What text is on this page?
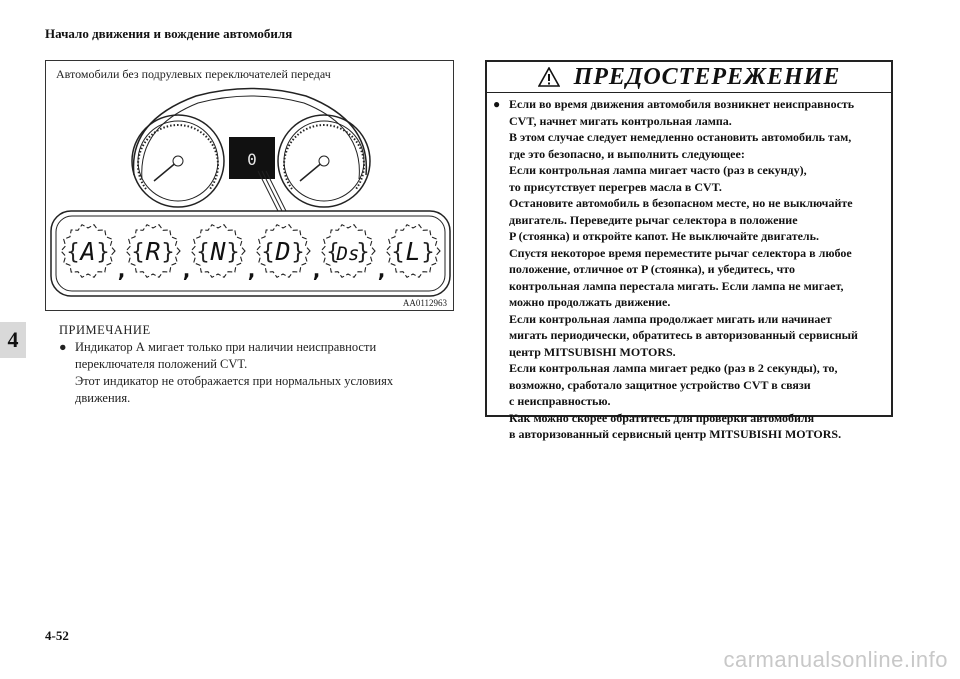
Начало движения и вождение автомобиля
4
Автомобили без подрулевых переключателей передач
0
{ }
A
,
{ }
R
,
{ }
N
,
{ }
D
,
{ }
Ds
,
{ }
L
AA0112963
ПРИМЕЧАНИЕ
● Индикатор А мигает только при наличии неисправности
переключателя положений CVT.
Этот индикатор не отображается при нормальных условиях
движения.
ПРЕДОСТЕРЕЖЕНИЕ
● Если во время движения автомобиля возникнет неисправность
CVT, начнет мигать контрольная лампа.
В этом случае следует немедленно остановить автомобиль там,
где это безопасно, и выполнить следующее:
Если контрольная лампа мигает часто (раз в секунду),
то присутствует перегрев масла в CVT.
Остановите автомобиль в безопасном месте, но не выключайте
двигатель. Переведите рычаг селектора в положение
P (стоянка) и откройте капот. Не выключайте двигатель.
Спустя некоторое время переместите рычаг селектора в любое
положение, отличное от P (стоянка), и убедитесь, что
контрольная лампа перестала мигать. Если лампа не мигает,
можно продолжать движение.
Если контрольная лампа продолжает мигать или начинает
мигать периодически, обратитесь в авторизованный сервисный
центр MITSUBISHI MOTORS.
Если контрольная лампа мигает редко (раз в 2 секунды), то,
возможно, сработало защитное устройство CVT в связи
с неисправностью.
Как можно скорее обратитесь для проверки автомобиля
в авторизованный сервисный центр MITSUBISHI MOTORS.
4-52
carmanualsonline.info
